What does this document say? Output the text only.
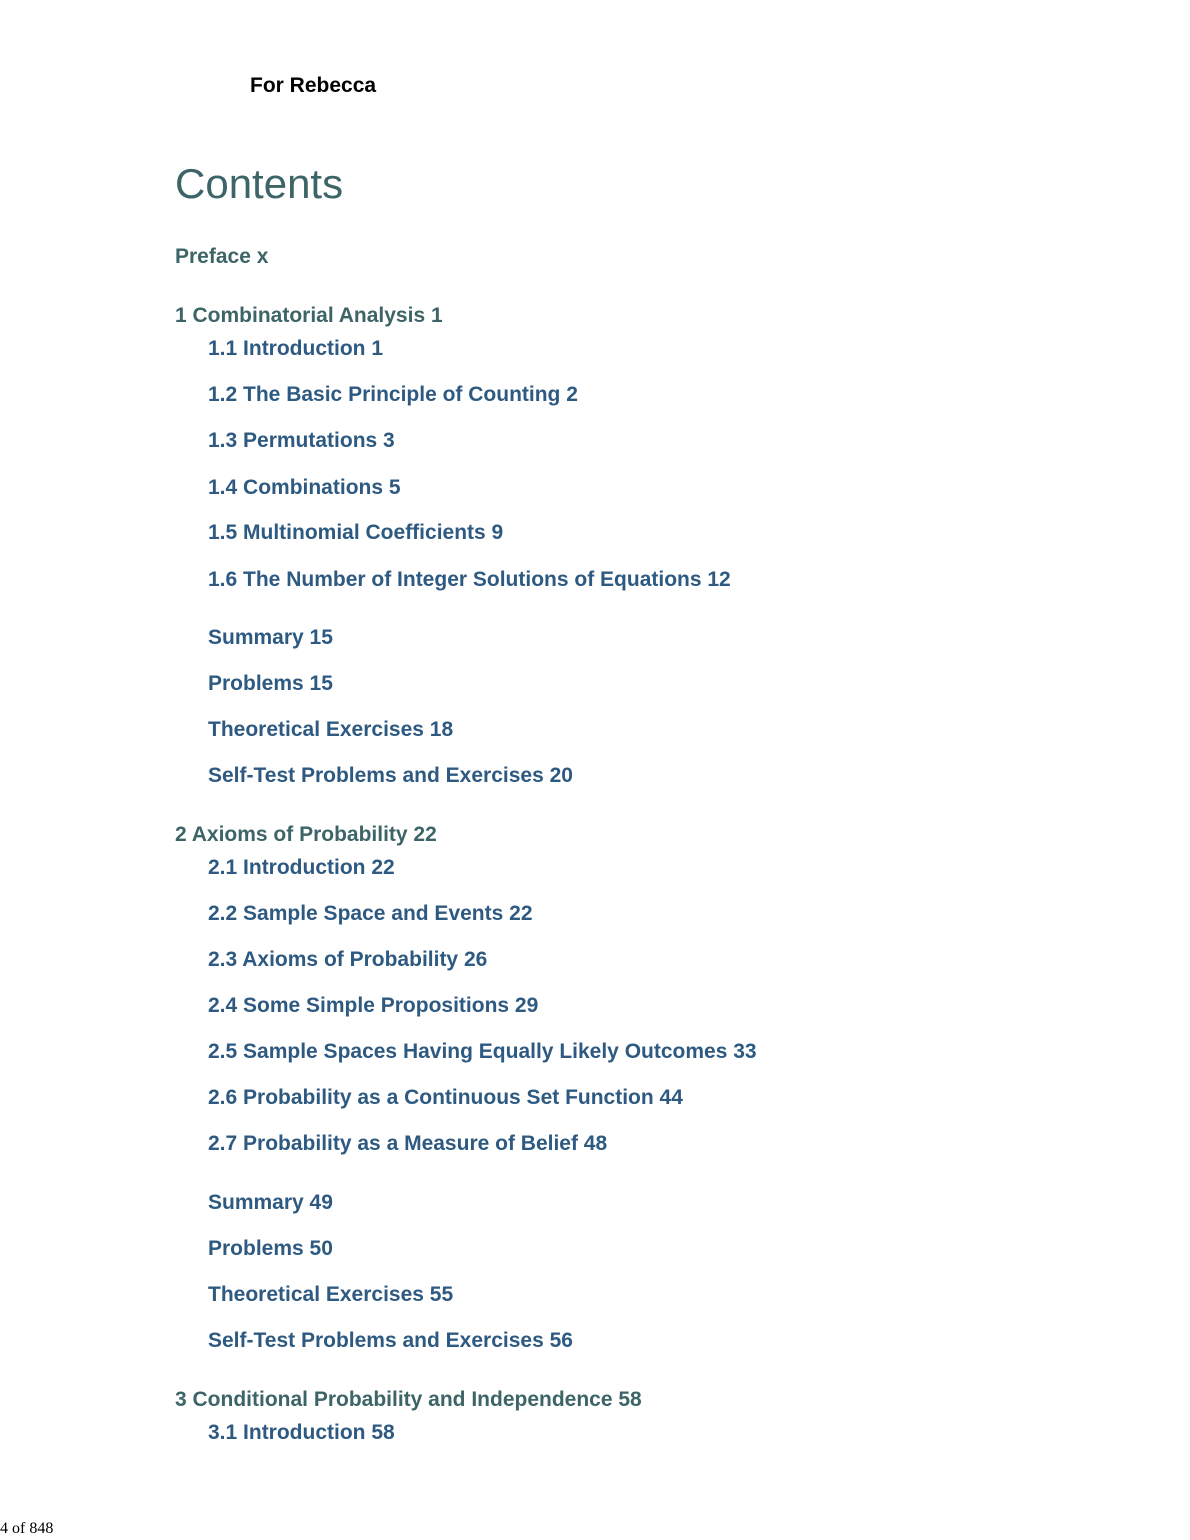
For Rebecca

Contents
Preface x
1 Combinatorial Analysis 1
1.1 Introduction 1
1.2 The Basic Principle of Counting 2
1.3 Permutations 3
1.4 Combinations 5
1.5 Multinomial Coefficients 9
1.6 The Number of Integer Solutions of Equations 12
Summary 15
Problems 15
Theoretical Exercises 18
Self-Test Problems and Exercises 20
2 Axioms of Probability 22
2.1 Introduction 22
2.2 Sample Space and Events 22
2.3 Axioms of Probability 26
2.4 Some Simple Propositions 29
2.5 Sample Spaces Having Equally Likely Outcomes 33
2.6 Probability as a Continuous Set Function 44
2.7 Probability as a Measure of Belief 48
Summary 49
Problems 50
Theoretical Exercises 55
Self-Test Problems and Exercises 56
3 Conditional Probability and Independence 58
3.1 Introduction 58

4 of 848
